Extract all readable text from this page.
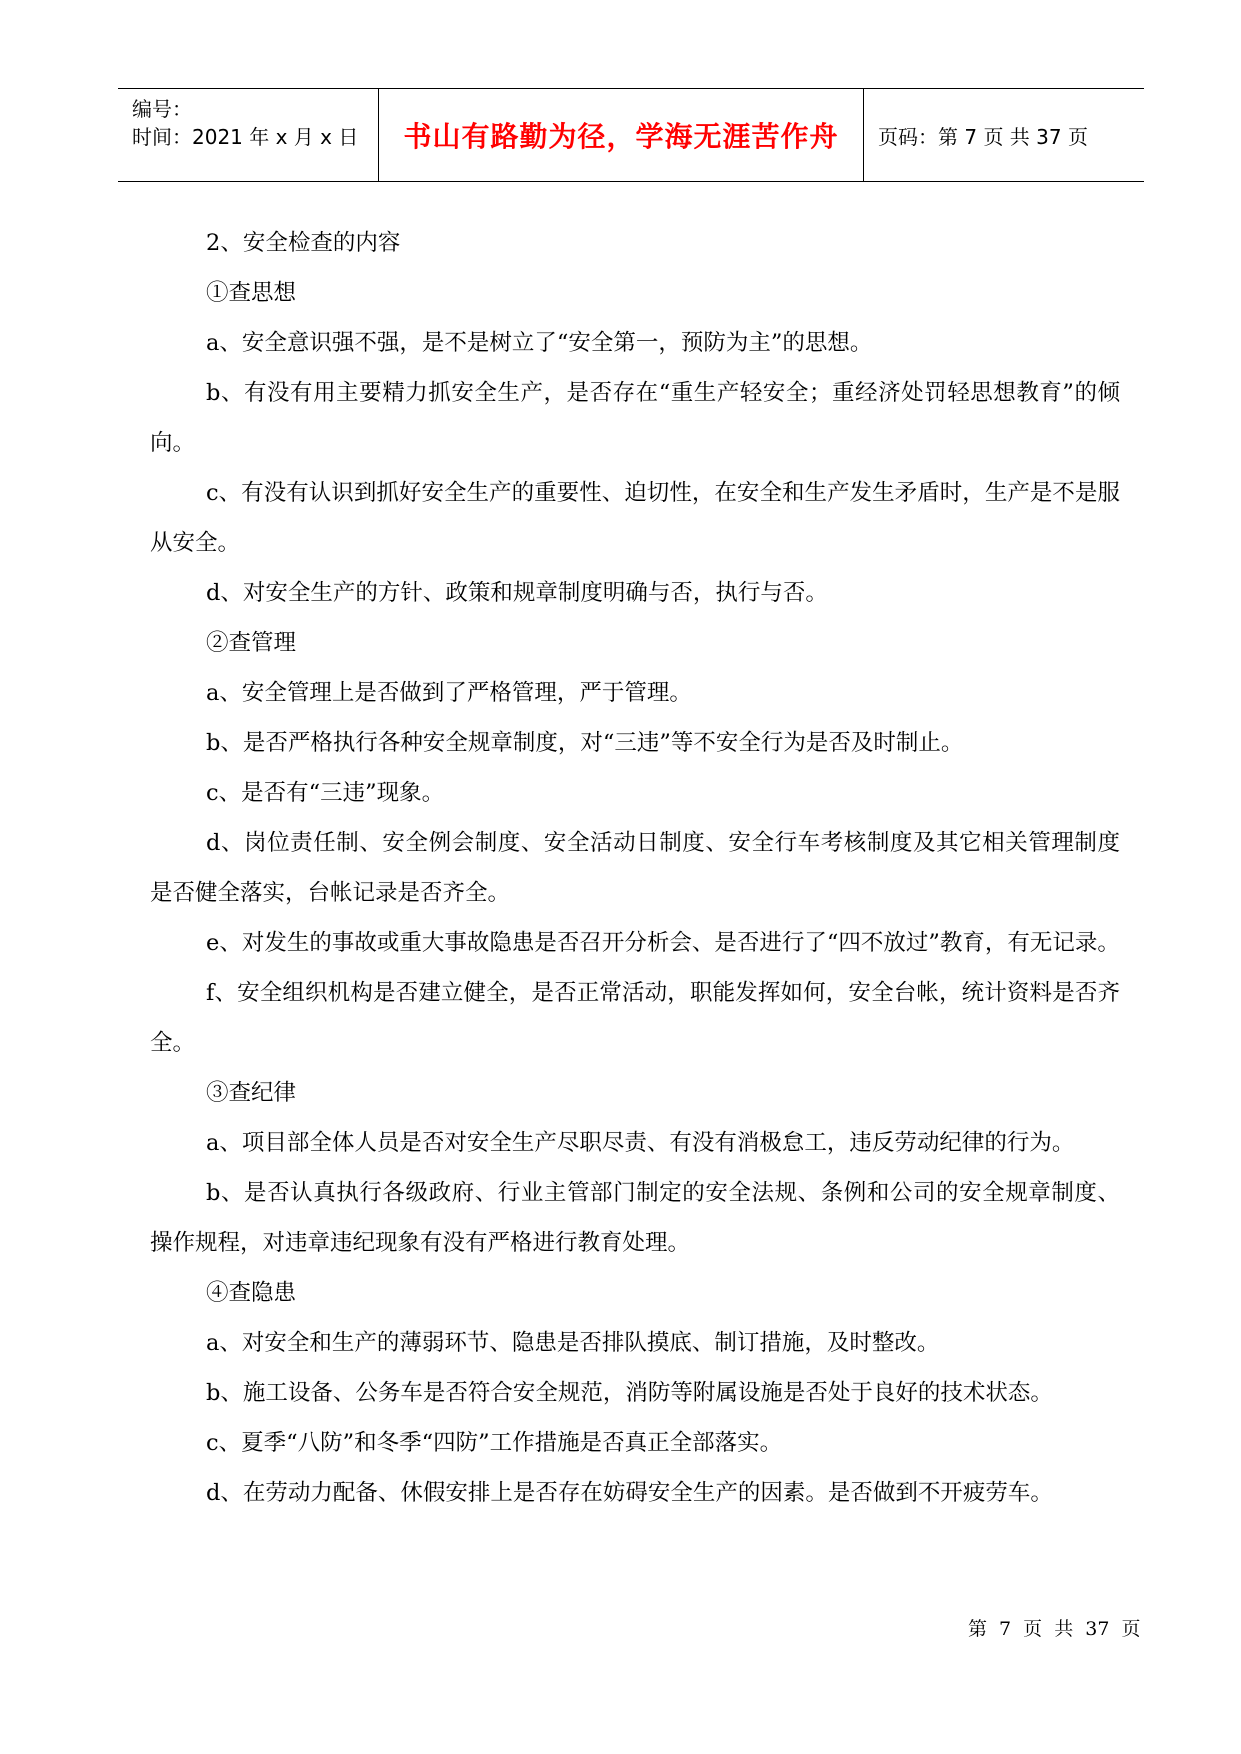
编号：
时间：2021 年 x 月 x 日	书山有路勤为径，学海无涯苦作舟	页码：第 7 页 共 37 页

2、安全检查的内容

①查思想

a、安全意识强不强，是不是树立了“安全第一，预防为主”的思想。

b、有没有用主要精力抓安全生产，是否存在“重生产轻安全；重经济处罚轻思想教育”的倾向。

c、有没有认识到抓好安全生产的重要性、迫切性，在安全和生产发生矛盾时，生产是不是服从安全。

d、对安全生产的方针、政策和规章制度明确与否，执行与否。

②查管理

a、安全管理上是否做到了严格管理，严于管理。

b、是否严格执行各种安全规章制度，对“三违”等不安全行为是否及时制止。

c、是否有“三违”现象。

d、岗位责任制、安全例会制度、安全活动日制度、安全行车考核制度及其它相关管理制度是否健全落实，台帐记录是否齐全。

e、对发生的事故或重大事故隐患是否召开分析会、是否进行了“四不放过”教育，有无记录。

f、安全组织机构是否建立健全，是否正常活动，职能发挥如何，安全台帐，统计资料是否齐全。

③查纪律

a、项目部全体人员是否对安全生产尽职尽责、有没有消极怠工，违反劳动纪律的行为。

b、是否认真执行各级政府、行业主管部门制定的安全法规、条例和公司的安全规章制度、操作规程，对违章违纪现象有没有严格进行教育处理。

④查隐患

a、对安全和生产的薄弱环节、隐患是否排队摸底、制订措施，及时整改。

b、施工设备、公务车是否符合安全规范，消防等附属设施是否处于良好的技术状态。

c、夏季“八防”和冬季“四防”工作措施是否真正全部落实。

d、在劳动力配备、休假安排上是否存在妨碍安全生产的因素。是否做到不开疲劳车。

第 7 页 共 37 页
